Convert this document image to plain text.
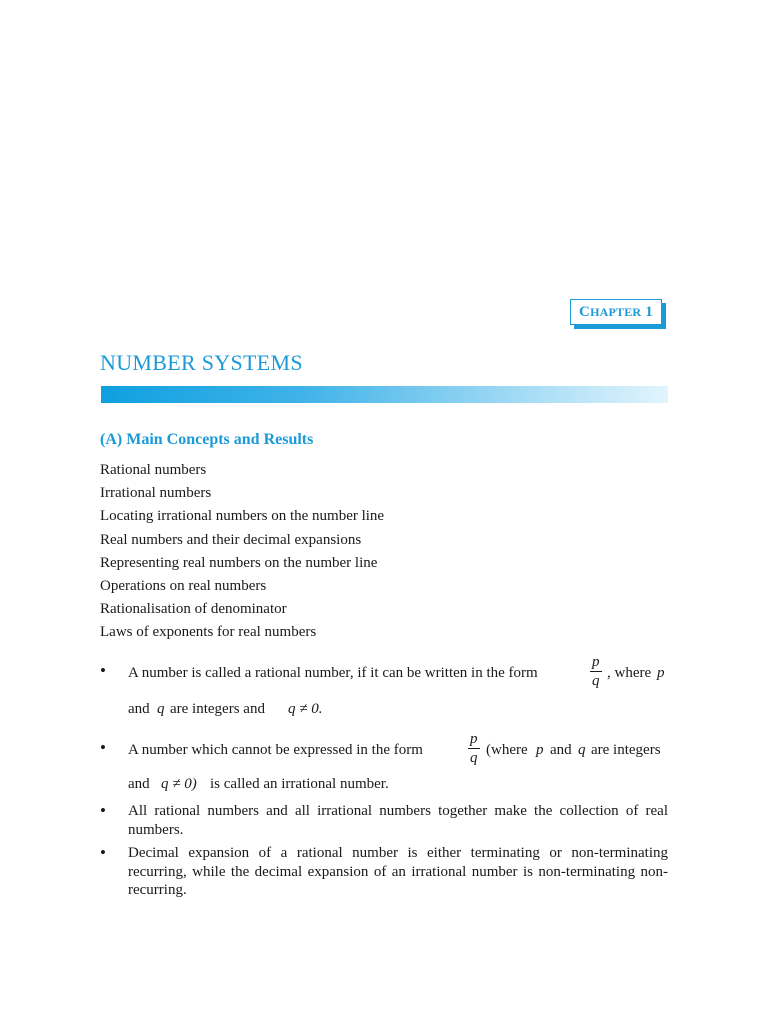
CHAPTER 1
NUMBER SYSTEMS
(A) Main Concepts and Results
Rational numbers
Irrational numbers
Locating irrational numbers on the number line
Real numbers and their decimal expansions
Representing real numbers on the number line
Operations on real numbers
Rationalisation of denominator
Laws of exponents for real numbers
• A number is called a rational number, if it can be written in the form	$\frac{p}{q}$ , where p
and q are integers and q ≠ 0.
• A number which cannot be expressed in the form	$\frac{p}{q}$ (where p and q are integers
and q ≠ 0) is called an irrational number.
• All rational numbers and all irrational numbers together make the collection of real numbers.
• Decimal expansion of a rational number is either terminating or non-terminating recurring, while the decimal expansion of an irrational number is non-terminating non-recurring.
